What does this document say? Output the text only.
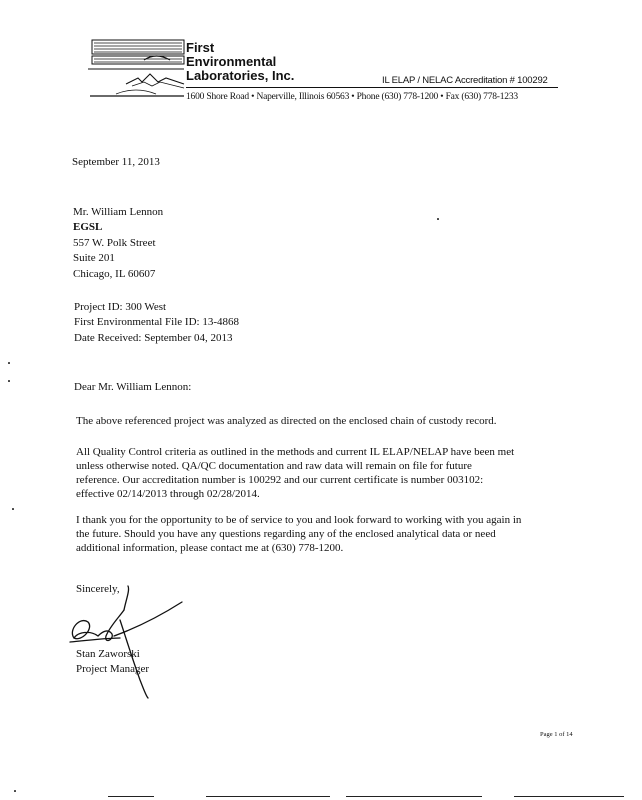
First
Environmental
Laboratories, Inc.	IL ELAP / NELAC Accreditation # 100292
1600 Shore Road • Naperville, Illinois 60563 • Phone (630) 778-1200 • Fax (630) 778-1233
September 11, 2013
Mr. William Lennon
EGSL
557 W. Polk Street
Suite 201
Chicago, IL 60607
Project ID: 300 West
First Environmental File ID: 13-4868
Date Received: September 04, 2013
Dear Mr. William Lennon:
The above referenced project was analyzed as directed on the enclosed chain of custody record.
All Quality Control criteria as outlined in the methods and current IL ELAP/NELAP have been met
unless otherwise noted. QA/QC documentation and raw data will remain on file for future
reference. Our accreditation number is 100292 and our current certificate is number 003102:
effective 02/14/2013 through 02/28/2014.
I thank you for the opportunity to be of service to you and look forward to working with you again in
the future. Should you have any questions regarding any of the enclosed analytical data or need
additional information, please contact me at (630) 778-1200.
Sincerely,
Stan Zaworski
Project Manager
Page 1 of 14
